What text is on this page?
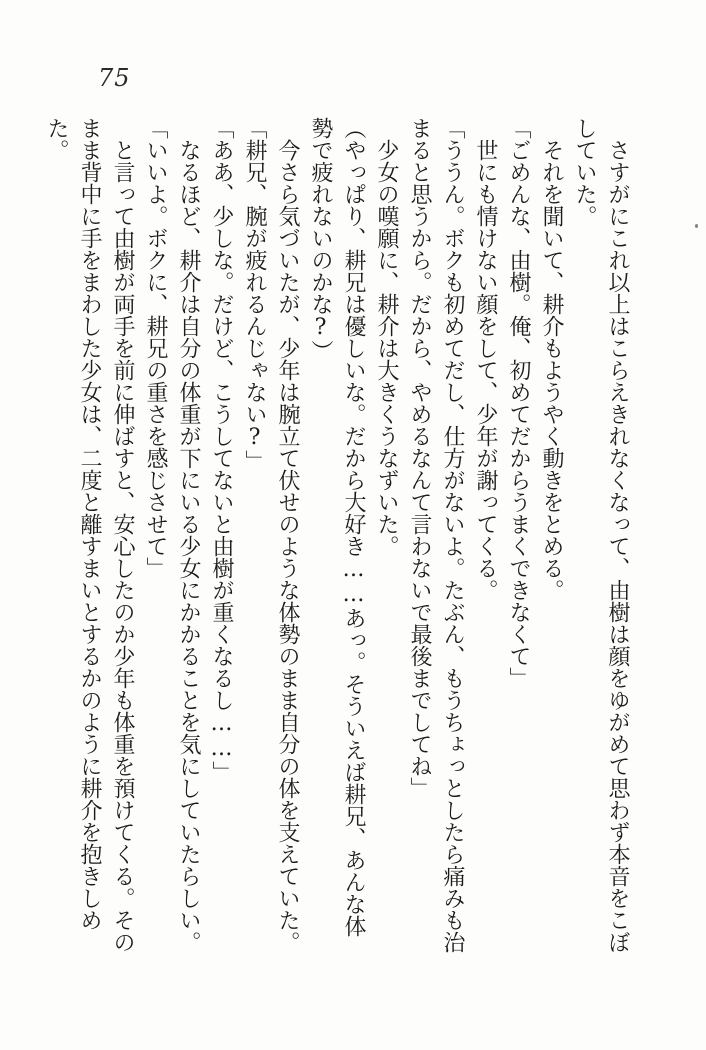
75

さすがにこれ以上はこらえきれなくなって、由樹は顔をゆがめて思わず本音をこぼしていた。

それを聞いて、耕介もようやく動きをとめる。

「ごめんな、由樹。俺、初めてだからうまくできなくて」

世にも情けない顔をして、少年が謝ってくる。

「ううん。ボクも初めてだし、仕方がないよ。たぶん、もうちょっとしたら痛みも治まると思うから。だから、やめるなんて言わないで最後までしてね」

少女の嘆願に、耕介は大きくうなずいた。

（やっぱり、耕兄は優しいな。だから大好き……あっ。そういえば耕兄、あんな体勢で疲れないのかな?）

今さら気づいたが、少年は腕立て伏せのような体勢のまま自分の体を支えていた。

「耕兄、腕が疲れるんじゃない?」

「ああ、少しな。だけど、こうしてないと由樹が重くなるし……」

なるほど、耕介は自分の体重が下にいる少女にかかることを気にしていたらしい。

「いいよ。ボクに、耕兄の重さを感じさせて」

と言って由樹が両手を前に伸ばすと、安心したのか少年も体重を預けてくる。そのまま背中に手をまわした少女は、二度と離すまいとするかのように耕介を抱きしめた。
